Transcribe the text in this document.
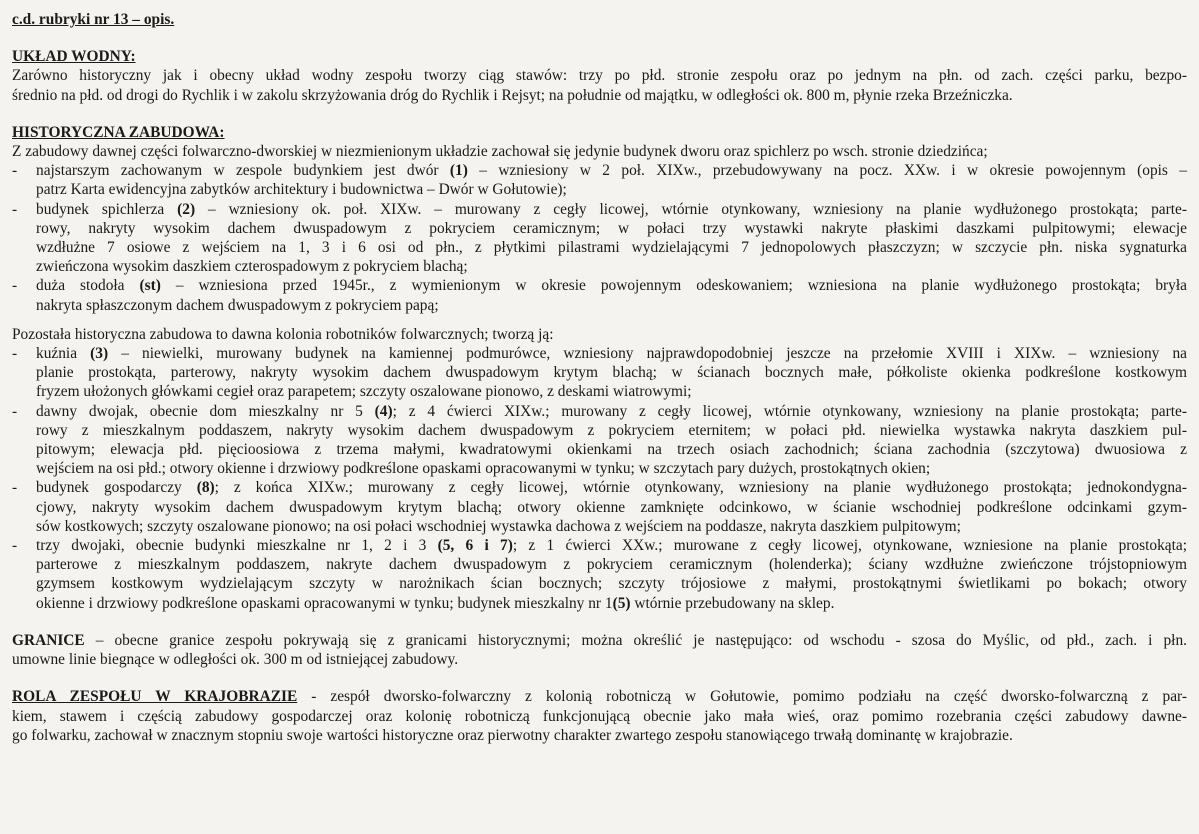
c.d. rubryki nr 13 – opis.
UKŁAD WODNY:
Zarówno historyczny jak i obecny układ wodny zespołu tworzy ciąg stawów: trzy po płd. stronie zespołu oraz po jednym na płn. od zach. części parku, bezpo-
średnio na płd. od drogi do Rychlik i w zakolu skrzyżowania dróg do Rychlik i Rejsyt; na południe od majątku, w odległości ok. 800 m, płynie rzeka Brzeźniczka.
HISTORYCZNA ZABUDOWA:
Z zabudowy dawnej części folwarczno-dworskiej w niezmienionym układzie zachował się jedynie budynek dworu oraz spichlerz po wsch. stronie dziedzińca;
- najstarszym zachowanym w zespole budynkiem jest dwór (1) – wzniesiony w 2 poł. XIXw., przebudowywany na pocz. XXw. i w okresie powojennym (opis –
patrz Karta ewidencyjna zabytków architektury i budownictwa – Dwór w Gołutowie);
- budynek spichlerza (2) – wzniesiony ok. poł. XIXw. – murowany z cegły licowej, wtórnie otynkowany, wzniesiony na planie wydłużonego prostokąta; parte-
rowy, nakryty wysokim dachem dwuspadowym z pokryciem ceramicznym; w połaci trzy wystawki nakryte płaskimi daszkami pulpitowymi; elewacje
wzdłużne 7 osiowe z wejściem na 1, 3 i 6 osi od płn., z płytkimi pilastrami wydzielającymi 7 jednopolowych płaszczyzn; w szczycie płn. niska sygnaturka
zwieńczona wysokim daszkiem czterospadowym z pokryciem blachą;
- duża stodoła (st) – wzniesiona przed 1945r., z wymienionym w okresie powojennym odeskowaniem; wzniesiona na planie wydłużonego prostokąta; bryła
nakryta spłaszczonym dachem dwuspadowym z pokryciem papą;
Pozostała historyczna zabudowa to dawna kolonia robotników folwarcznych; tworzą ją:
- kuźnia (3) – niewielki, murowany budynek na kamiennej podmurówce, wzniesiony najprawdopodobniej jeszcze na przełomie XVIII i XIXw. – wzniesiony na
planie prostokąta, parterowy, nakryty wysokim dachem dwuspadowym krytym blachą; w ścianach bocznych małe, półkoliste okienka podkreślone kostkowym
fryzem ułożonych główkami cegieł oraz parapetem; szczyty oszalowane pionowo, z deskami wiatrowymi;
- dawny dwojak, obecnie dom mieszkalny nr 5 (4); z 4 ćwierci XIXw.; murowany z cegły licowej, wtórnie otynkowany, wzniesiony na planie prostokąta; parte-
rowy z mieszkalnym poddaszem, nakryty wysokim dachem dwuspadowym z pokryciem eternitem; w połaci płd. niewielka wystawka nakryta daszkiem pul-
pitowym; elewacja płd. pięcioosiowa z trzema małymi, kwadratowymi okienkami na trzech osiach zachodnich; ściana zachodnia (szczytowa) dwuosiowa z
wejściem na osi płd.; otwory okienne i drzwiowy podkreślone opaskami opracowanymi w tynku; w szczytach pary dużych, prostokątnych okien;
- budynek gospodarczy (8); z końca XIXw.; murowany z cegły licowej, wtórnie otynkowany, wzniesiony na planie wydłużonego prostokąta; jednokondygna-
cjowy, nakryty wysokim dachem dwuspadowym krytym blachą; otwory okienne zamknięte odcinkowo, w ścianie wschodniej podkreślone odcinkami gzym-
sów kostkowych; szczyty oszalowane pionowo; na osi połaci wschodniej wystawka dachowa z wejściem na poddasze, nakryta daszkiem pulpitowym;
- trzy dwojaki, obecnie budynki mieszkalne nr 1, 2 i 3 (5, 6 i 7); z 1 ćwierci XXw.; murowane z cegły licowej, otynkowane, wzniesione na planie prostokąta;
parterowe z mieszkalnym poddaszem, nakryte dachem dwuspadowym z pokryciem ceramicznym (holenderka); ściany wzdłużne zwieńczone trójstopniowym
gzymsem kostkowym wydzielającym szczyty w narożnikach ścian bocznych; szczyty trójosiowe z małymi, prostokątnymi świetlikami po bokach; otwory
okienne i drzwiowy podkreślone opaskami opracowanymi w tynku; budynek mieszkalny nr 1(5) wtórnie przebudowany na sklep.
GRANICE – obecne granice zespołu pokrywają się z granicami historycznymi; można określić je następująco: od wschodu - szosa do Myślic, od płd., zach. i płn.
umowne linie biegnące w odległości ok. 300 m od istniejącej zabudowy.
ROLA ZESPOŁU W KRAJOBRAZIE - zespół dworsko-folwarczny z kolonią robotniczą w Gołutowie, pomimo podziału na część dworsko-folwarczną z par-
kiem, stawem i częścią zabudowy gospodarczej oraz kolonię robotniczą funkcjonującą obecnie jako mała wieś, oraz pomimo rozebrania części zabudowy dawne-
go folwarku, zachował w znacznym stopniu swoje wartości historyczne oraz pierwotny charakter zwartego zespołu stanowiącego trwałą dominantę w krajobrazie.
